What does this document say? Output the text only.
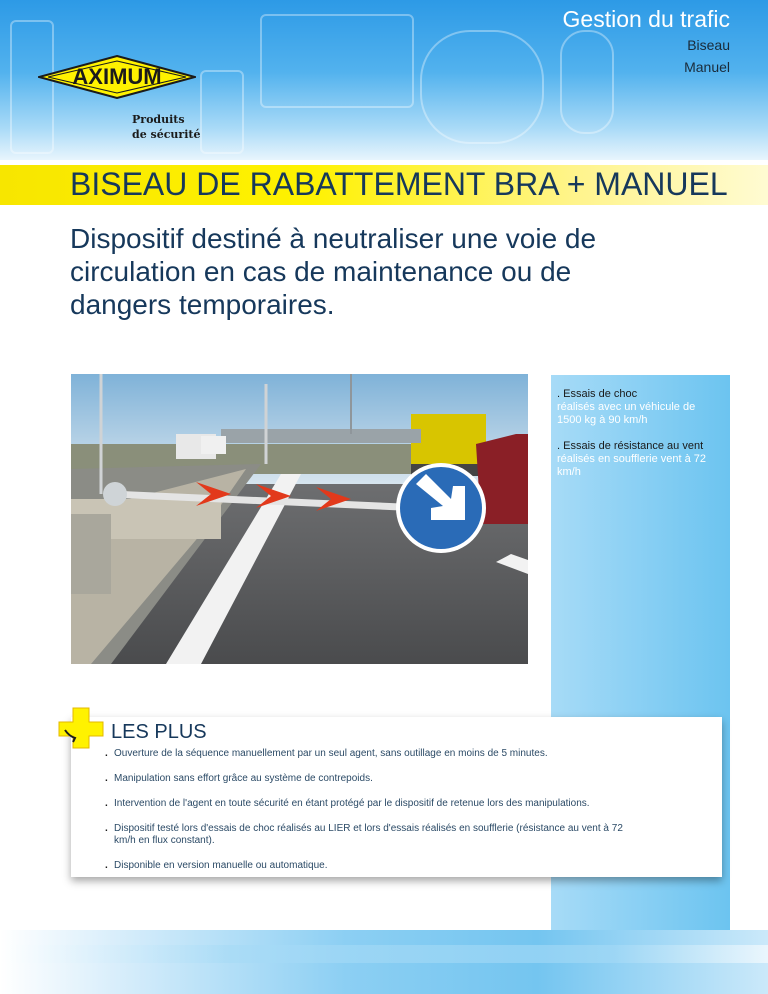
Gestion du trafic
Biseau
Manuel
AXIMUM
Produits
de sécurité
BISEAU DE RABATTEMENT BRA + MANUEL
Dispositif destiné à neutraliser une voie de circulation en cas de maintenance ou de dangers temporaires.
. Essais de choc
réalisés avec un véhicule de 1500 kg à 90 km/h
. Essais de résistance au vent
réalisés en soufflerie vent à 72 km/h
LES PLUS
. Ouverture de la séquence manuellement par un seul agent, sans outillage en moins de 5 minutes.
. Manipulation sans effort grâce au système de contrepoids.
. Intervention de l'agent en toute sécurité en étant protégé par le dispositif de retenue lors des manipulations.
. Dispositif testé lors d'essais de choc réalisés au LIER et lors d'essais réalisés en soufflerie (résistance au vent à 72 km/h en flux constant).
. Disponible en version manuelle ou automatique.
